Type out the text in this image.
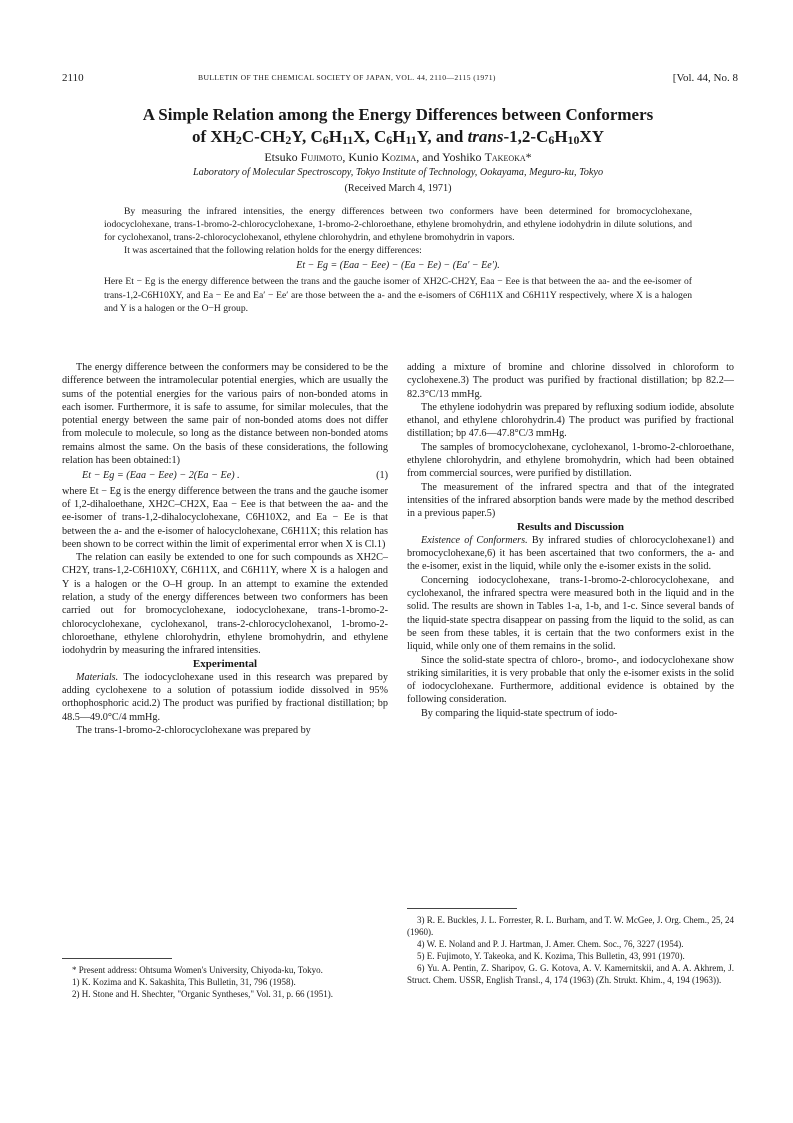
2110	BULLETIN OF THE CHEMICAL SOCIETY OF JAPAN, VOL. 44, 2110—2115 (1971)	[Vol. 44, No. 8
A Simple Relation among the Energy Differences between Conformers
of $XH_2C-CH_2Y$, $C_6H_{11}X$, $C_6H_{11}Y$, and trans-$1,2-C_6H_{10}XY$
Etsuko Fujimoto, Kunio Kozima, and Yoshiko Takeoka*
Laboratory of Molecular Spectroscopy, Tokyo Institute of Technology, Ookayama, Meguro-ku, Tokyo
(Received March 4, 1971)

By measuring the infrared intensities, the energy differences between two conformers have been determined for bromocyclohexane, iodocyclohexane, trans-1-bromo-2-chlorocyclohexane, 1-bromo-2-chloroethane, ethylene bromohydrin, and ethylene iodohydrin in dilute solutions, and for cyclohexanol, trans-2-chlorocyclohexanol, ethylene chlorohydrin, and ethylene bromohydrin in vapors.

It was ascertained that the following relation holds for the energy differences:

Et − Eg = (Eaa − Eee) − (Ea − Ee) − (Ea′ − Ee′).

Here Et − Eg is the energy difference between the trans and the gauche isomer of XH2C-CH2Y, Eaa − Eee is that between the aa- and the ee-isomer of trans-1,2-C6H10XY, and Ea − Ee and Ea′ − Ee′ are those between the a- and the e-isomers of C6H11X and C6H11Y respectively, where X is a halogen and Y is a halogen or the O−H group.

The energy difference between the conformers may be considered to be the difference between the intramolecular potential energies, which are usually the sums of the potential energies for the various pairs of non-bonded atoms in each isomer. Furthermore, it is safe to assume, for similar molecules, that the potential energy between the same pair of non-bonded atoms does not differ from molecule to molecule, so long as the distance between non-bonded atoms remains almost the same. On the basis of these considerations, the following relation has been obtained:1)

Et − Eg = (Eaa − Eee) − 2(Ea − Ee) .	(1)

where Et − Eg is the energy difference between the trans and the gauche isomer of 1,2-dihaloethane, XH2C–CH2X, Eaa − Eee is that between the aa- and the ee-isomer of trans-1,2-dihalocyclohexane, C6H10X2, and Ea − Ee is that between the a- and the e-isomer of halocyclohexane, C6H11X; this relation has been shown to be correct within the limit of experimental error when X is Cl.1)

The relation can easily be extended to one for such compounds as XH2C–CH2Y, trans-1,2-C6H10XY, C6H11X, and C6H11Y, where X is a halogen and Y is a halogen or the O–H group. In an attempt to examine the extended relation, a study of the energy differences between two conformers has been carried out for bromocyclohexane, iodocyclohexane, trans-1-bromo-2-chlorocyclohexane, cyclohexanol, trans-2-chlorocyclohexanol, 1-bromo-2-chloroethane, ethylene chlorohydrin, ethylene bromohydrin, and ethylene iodohydrin by measuring the infrared intensities.

Experimental

Materials. The iodocyclohexane used in this research was prepared by adding cyclohexene to a solution of potassium iodide dissolved in 95% orthophosphoric acid.2) The product was purified by fractional distillation; bp 48.5—49.0°C/4 mmHg.

The trans-1-bromo-2-chlorocyclohexane was prepared by

adding a mixture of bromine and chlorine dissolved in chloroform to cyclohexene.3) The product was purified by fractional distillation; bp 82.2—82.3°C/13 mmHg.

The ethylene iodohydrin was prepared by refluxing sodium iodide, absolute ethanol, and ethylene chlorohydrin.4) The product was purified by fractional distillation; bp 47.6—47.8°C/3 mmHg.

The samples of bromocyclohexane, cyclohexanol, 1-bromo-2-chloroethane, ethylene chlorohydrin, and ethylene bromohydrin, which had been obtained from commercial sources, were purified by distillation.

The measurement of the infrared spectra and that of the integrated intensities of the infrared absorption bands were made by the method described in a previous paper.5)

Results and Discussion

Existence of Conformers. By infrared studies of chlorocyclohexane1) and bromocyclohexane,6) it has been ascertained that two conformers, the a- and the e-isomer, exist in the liquid, while only the e-isomer exists in the solid.

Concerning iodocyclohexane, trans-1-bromo-2-chlorocyclohexane, and cyclohexanol, the infrared spectra were measured both in the liquid and in the solid. The results are shown in Tables 1-a, 1-b, and 1-c. Since several bands of the liquid-state spectra disappear on passing from the liquid to the solid, as can be seen from these tables, it is certain that the two conformers exist in the liquid, while only one of them remains in the solid.

Since the solid-state spectra of chloro-, bromo-, and iodocyclohexane show striking similarities, it is very probable that only the e-isomer exists in the solid of iodocyclohexane. Furthermore, additional evidence is obtained by the following consideration.

By comparing the liquid-state spectrum of iodo-

* Present address: Ohtsuma Women's University, Chiyoda-ku, Tokyo.

1) K. Kozima and K. Sakashita, This Bulletin, 31, 796 (1958).

2) H. Stone and H. Shechter, "Organic Syntheses," Vol. 31, p. 66 (1951).

3) R. E. Buckles, J. L. Forrester, R. L. Burham, and T. W. McGee, J. Org. Chem., 25, 24 (1960).

4) W. E. Noland and P. J. Hartman, J. Amer. Chem. Soc., 76, 3227 (1954).

5) E. Fujimoto, Y. Takeoka, and K. Kozima, This Bulletin, 43, 991 (1970).

6) Yu. A. Pentin, Z. Sharipov, G. G. Kotova, A. V. Kamernitskii, and A. A. Akhrem, J. Struct. Chem. USSR, English Transl., 4, 174 (1963) (Zh. Strukt. Khim., 4, 194 (1963)).
